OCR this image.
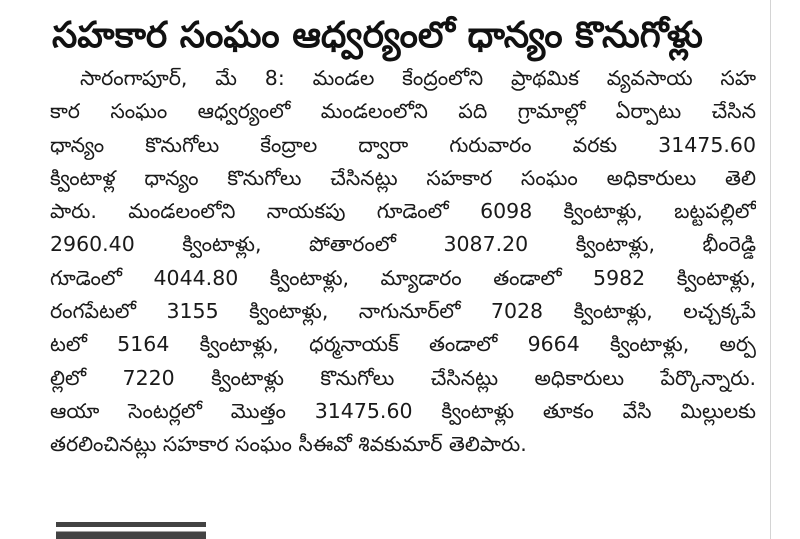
సహకార సంఘం ఆధ్వర్యంలో ధాన్యం కొనుగోళ్లు
సారంగాపూర్‌, మే 8: మండల కేంద్రంలోని ప్రాథమిక వ్యవసాయ సహ
కార సంఘం ఆధ్వర్యంలో మండలంలోని పది గ్రామాల్లో ఏర్పాటు చేసిన
ధాన్యం కొనుగోలు కేంద్రాల ద్వారా గురువారం వరకు 31475.60
క్వింటాళ్ల ధాన్యం కొనుగోలు చేసినట్లు సహకార సంఘం అధికారులు తెలి
పారు. మండలంలోని నాయకపు గూడెంలో 6098 క్వింటాళ్లు, బట్టపల్లిలో
2960.40 క్వింటాళ్లు, పోతారంలో 3087.20 క్వింటాళ్లు, భీంరెడ్డి
గూడెంలో 4044.80 క్వింటాళ్లు, మ్యాడారం తండాలో 5982 క్వింటాళ్లు,
రంగపేటలో 3155 క్వింటాళ్లు, నాగునూర్‌లో 7028 క్వింటాళ్లు, లచ్చక్కపే
టలో 5164 క్వింటాళ్లు, ధర్మనాయక్‌ తండాలో 9664 క్వింటాళ్లు, అర్ప
ల్లిలో 7220 క్వింటాళ్లు కొనుగోలు చేసినట్లు అధికారులు పేర్కొన్నారు.
ఆయా సెంటర్లలో మొత్తం 31475.60 క్వింటాళ్లు తూకం వేసి మిల్లులకు
తరలించినట్లు సహకార సంఘం సీఈవో శివకుమార్‌ తెలిపారు.
